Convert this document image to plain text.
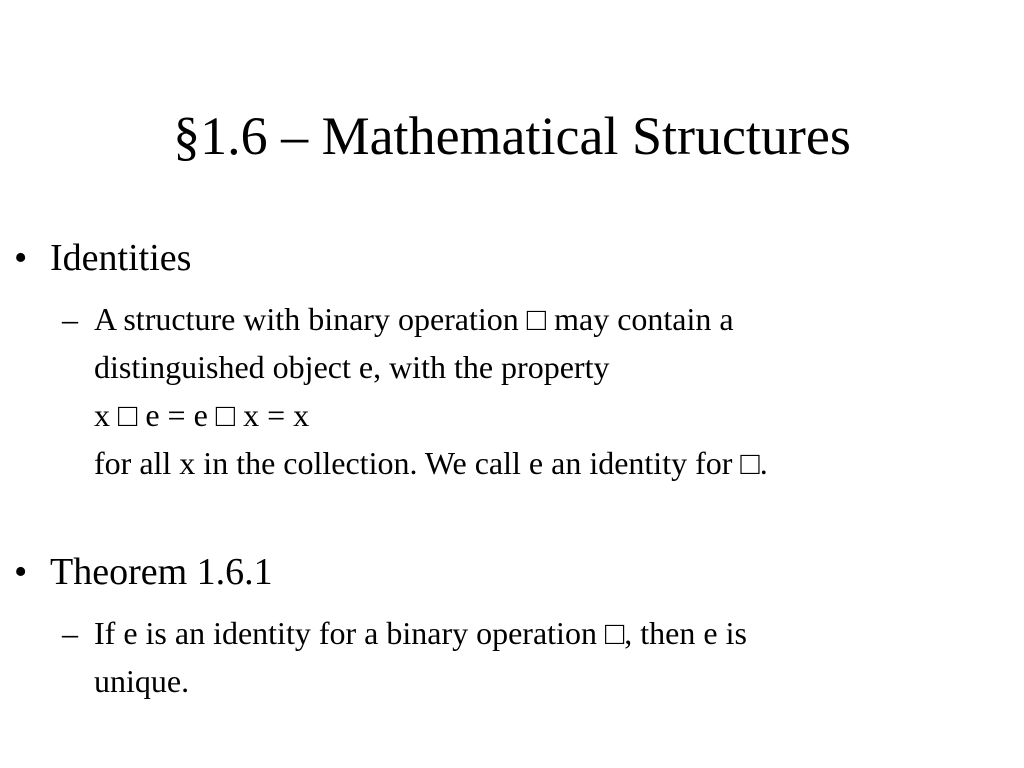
§1.6 – Mathematical Structures
• Identities
– A structure with binary operation □ may contain a
distinguished object e, with the property
x □ e = e □ x = x
for all x in the collection. We call e an identity for □.
• Theorem 1.6.1
– If e is an identity for a binary operation □, then e is
unique.
